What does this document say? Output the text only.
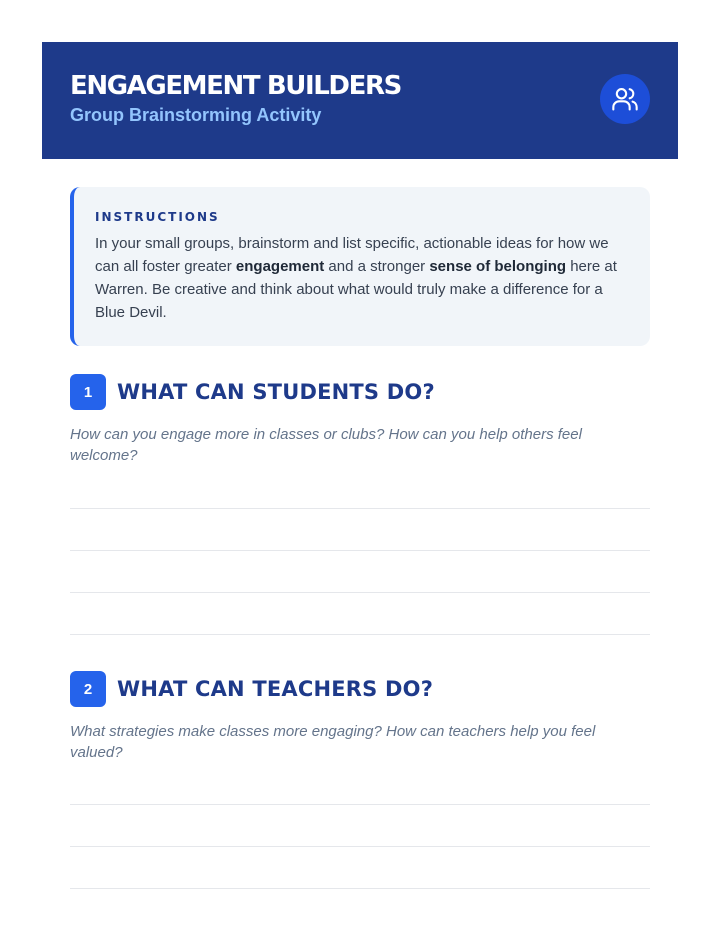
ENGAGEMENT BUILDERS
Group Brainstorming Activity
INSTRUCTIONS
In your small groups, brainstorm and list specific, actionable ideas for how we can all foster greater engagement and a stronger sense of belonging here at Warren. Be creative and think about what would truly make a difference for a Blue Devil.
1	WHAT CAN STUDENTS DO?
How can you engage more in classes or clubs? How can you help others feel welcome?
2	WHAT CAN TEACHERS DO?
What strategies make classes more engaging? How can teachers help you feel valued?
